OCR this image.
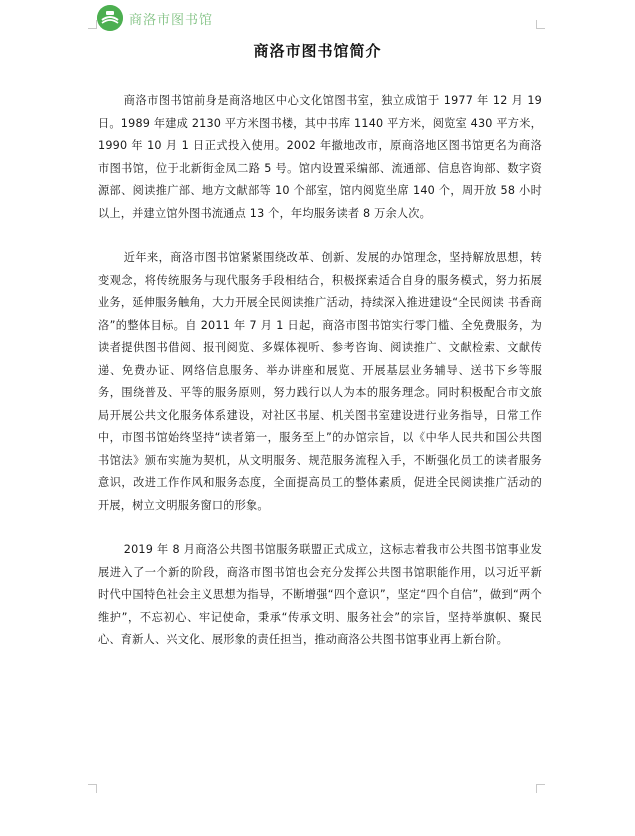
商洛市图书馆
商洛市图书馆简介

商洛市图书馆前身是商洛地区中心文化馆图书室，独立成馆于 1977 年 12 月 19 日。1989 年建成 2130 平方米图书楼，其中书库 1140 平方米，阅览室 430 平方米，1990 年 10 月 1 日正式投入使用。2002 年撤地改市，原商洛地区图书馆更名为商洛市图书馆，位于北新街金凤二路 5 号。馆内设置采编部、流通部、信息咨询部、数字资源部、阅读推广部、地方文献部等 10 个部室，馆内阅览坐席 140 个，周开放 58 小时以上，并建立馆外图书流通点 13 个，年均服务读者 8 万余人次。

近年来，商洛市图书馆紧紧围绕改革、创新、发展的办馆理念，坚持解放思想，转变观念，将传统服务与现代服务手段相结合，积极探索适合自身的服务模式，努力拓展业务，延伸服务触角，大力开展全民阅读推广活动，持续深入推进建设“全民阅读 书香商洛”的整体目标。自 2011 年 7 月 1 日起，商洛市图书馆实行零门槛、全免费服务，为读者提供图书借阅、报刊阅览、多媒体视听、参考咨询、阅读推广、文献检索、文献传递、免费办证、网络信息服务、举办讲座和展览、开展基层业务辅导、送书下乡等服务，围绕普及、平等的服务原则，努力践行以人为本的服务理念。同时积极配合市文旅局开展公共文化服务体系建设，对社区书屋、机关图书室建设进行业务指导，日常工作中，市图书馆始终坚持“读者第一，服务至上”的办馆宗旨，以《中华人民共和国公共图书馆法》颁布实施为契机，从文明服务、规范服务流程入手，不断强化员工的读者服务意识，改进工作作风和服务态度，全面提高员工的整体素质，促进全民阅读推广活动的开展，树立文明服务窗口的形象。

2019 年 8 月商洛公共图书馆服务联盟正式成立，这标志着我市公共图书馆事业发展进入了一个新的阶段，商洛市图书馆也会充分发挥公共图书馆职能作用，以习近平新时代中国特色社会主义思想为指导，不断增强“四个意识”，坚定“四个自信”，做到“两个维护”，不忘初心、牢记使命，秉承“传承文明、服务社会”的宗旨，坚持举旗帜、聚民心、育新人、兴文化、展形象的责任担当，推动商洛公共图书馆事业再上新台阶。
